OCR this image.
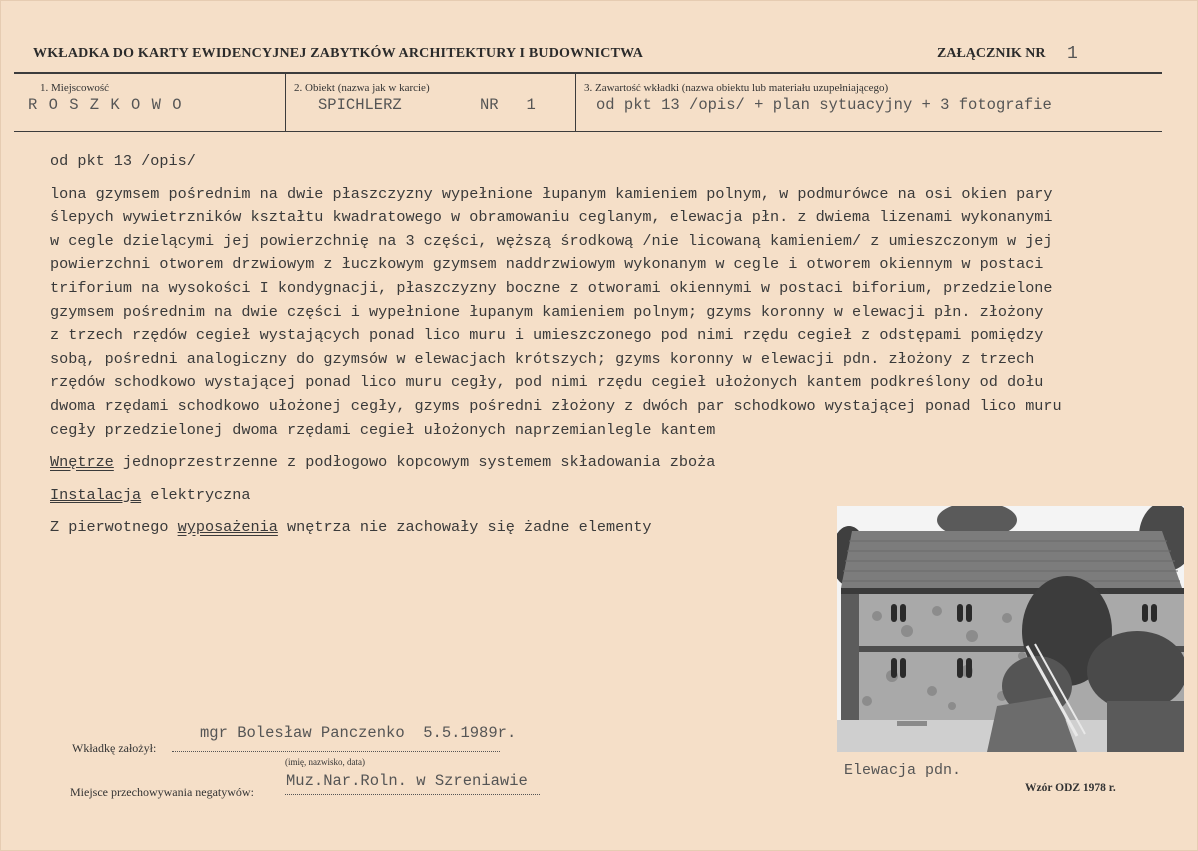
WKŁADKA DO KARTY EWIDENCYJNEJ ZABYTKÓW ARCHITEKTURY I BUDOWNICTWA	ZAŁĄCZNIK NR 1
1. Miejscowość
R O S Z K O W O
2. Obiekt (nazwa jak w karcie)
SPICHLERZ	NR   1
3. Zawartość wkładki (nazwa obiektu lub materiału uzupełniającego)
od pkt 13 /opis/ + plan sytuacyjny + 3 fotografie
od pkt 13 /opis/
lona gzymsem pośrednim na dwie płaszczyzny wypełnione łupanym kamieniem polnym, w podmurówce na osi okien pary
ślepych wywietrzników kształtu kwadratowego w obramowaniu ceglanym, elewacja płn. z dwiema lizenami wykonanymi
w cegle dzielącymi jej powierzchnię na 3 części, węższą środkową /nie licowaną kamieniem/ z umieszczonym w jej
powierzchni otworem drzwiowym z łuczkowym gzymsem naddrzwiowym wykonanym w cegle i otworem okiennym w postaci
triforium na wysokości I kondygnacji, płaszczyzny boczne z otworami okiennymi w postaci biforium, przedzielone
gzymsem pośrednim na dwie części i wypełnione łupanym kamieniem polnym; gzyms koronny w elewacji płn. złożony
z trzech rzędów cegieł wystających ponad lico muru i umieszczonego pod nimi rzędu cegieł z odstępami pomiędzy
sobą, pośredni analogiczny do gzymsów w elewacjach krótszych; gzyms koronny w elewacji pdn. złożony z trzech
rzędów schodkowo wystającej ponad lico muru cegły, pod nimi rzędu cegieł ułożonych kantem podkreślony od dołu
dwoma rzędami schodkowo ułożonej cegły, gzyms pośredni złożony z dwóch par schodkowo wystającej ponad lico muru
cegły przedzielonej dwoma rzędami cegieł ułożonych naprzemianlegle kantem
Wnętrze jednoprzestrzenne z podłogowo kopcowym systemem składowania zboża
Instalacja elektryczna
Z pierwotnego wyposażenia wnętrza nie zachowały się żadne elementy
Elewacja pdn.
Wkładkę założył:
mgr Bolesław Panczenko  5.5.1989r.
(imię, nazwisko, data)
Miejsce przechowywania negatywów:
Muz.Nar.Roln. w Szreniawie	Wzór ODZ 1978 r.
